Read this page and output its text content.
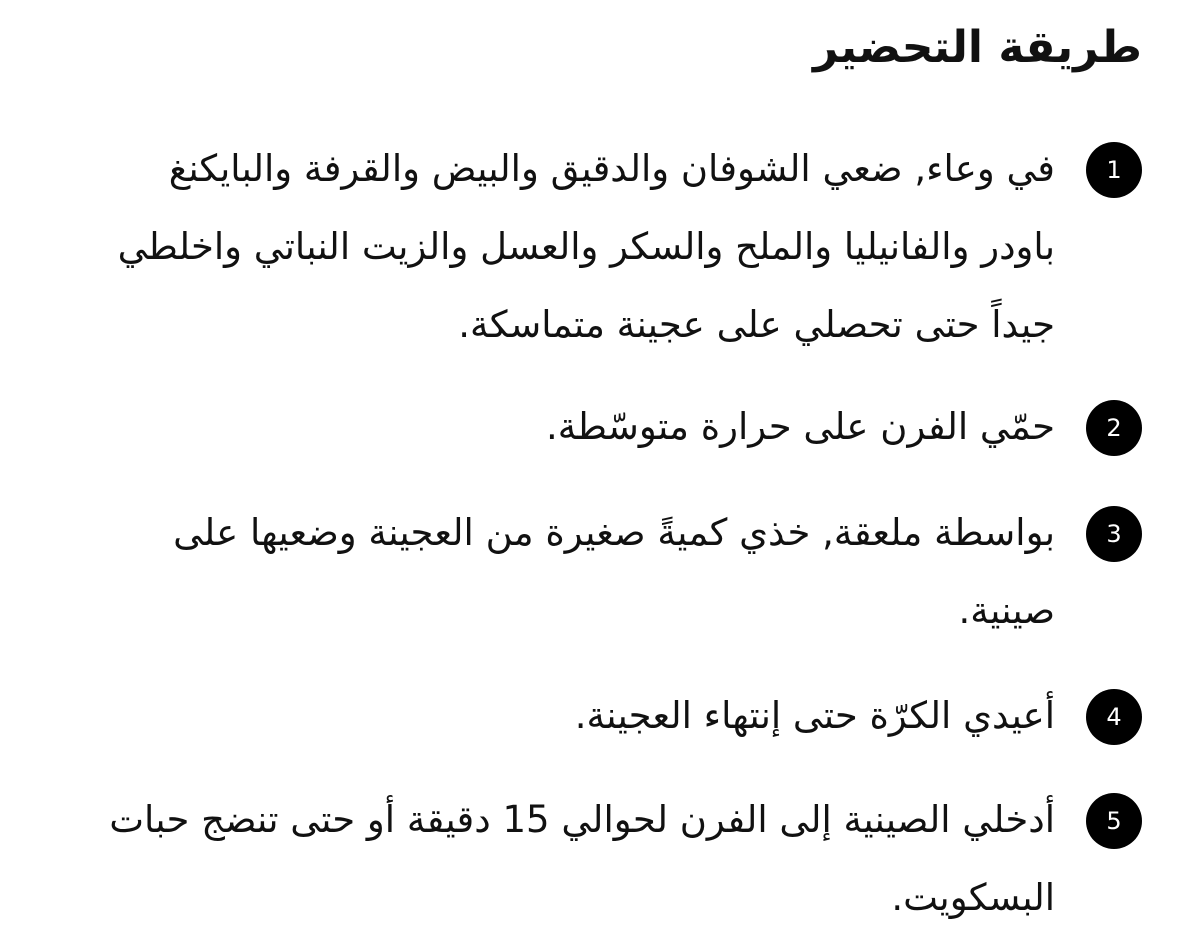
طريقة التحضير
1

في وعاء, ضعي الشوفان والدقيق والبيض والقرفة والبايكنغ باودر والفانيليا والملح والسكر والعسل والزيت النباتي واخلطي جيداً حتى تحصلي على عجينة متماسكة.

2

حمّي الفرن على حرارة متوسّطة.

3

بواسطة ملعقة, خذي كميةً صغيرة من العجينة وضعيها على صينية.

4

أعيدي الكرّة حتى إنتهاء العجينة.

5

أدخلي الصينية إلى الفرن لحوالي 15 دقيقة أو حتى تنضج حبات البسكويت.
